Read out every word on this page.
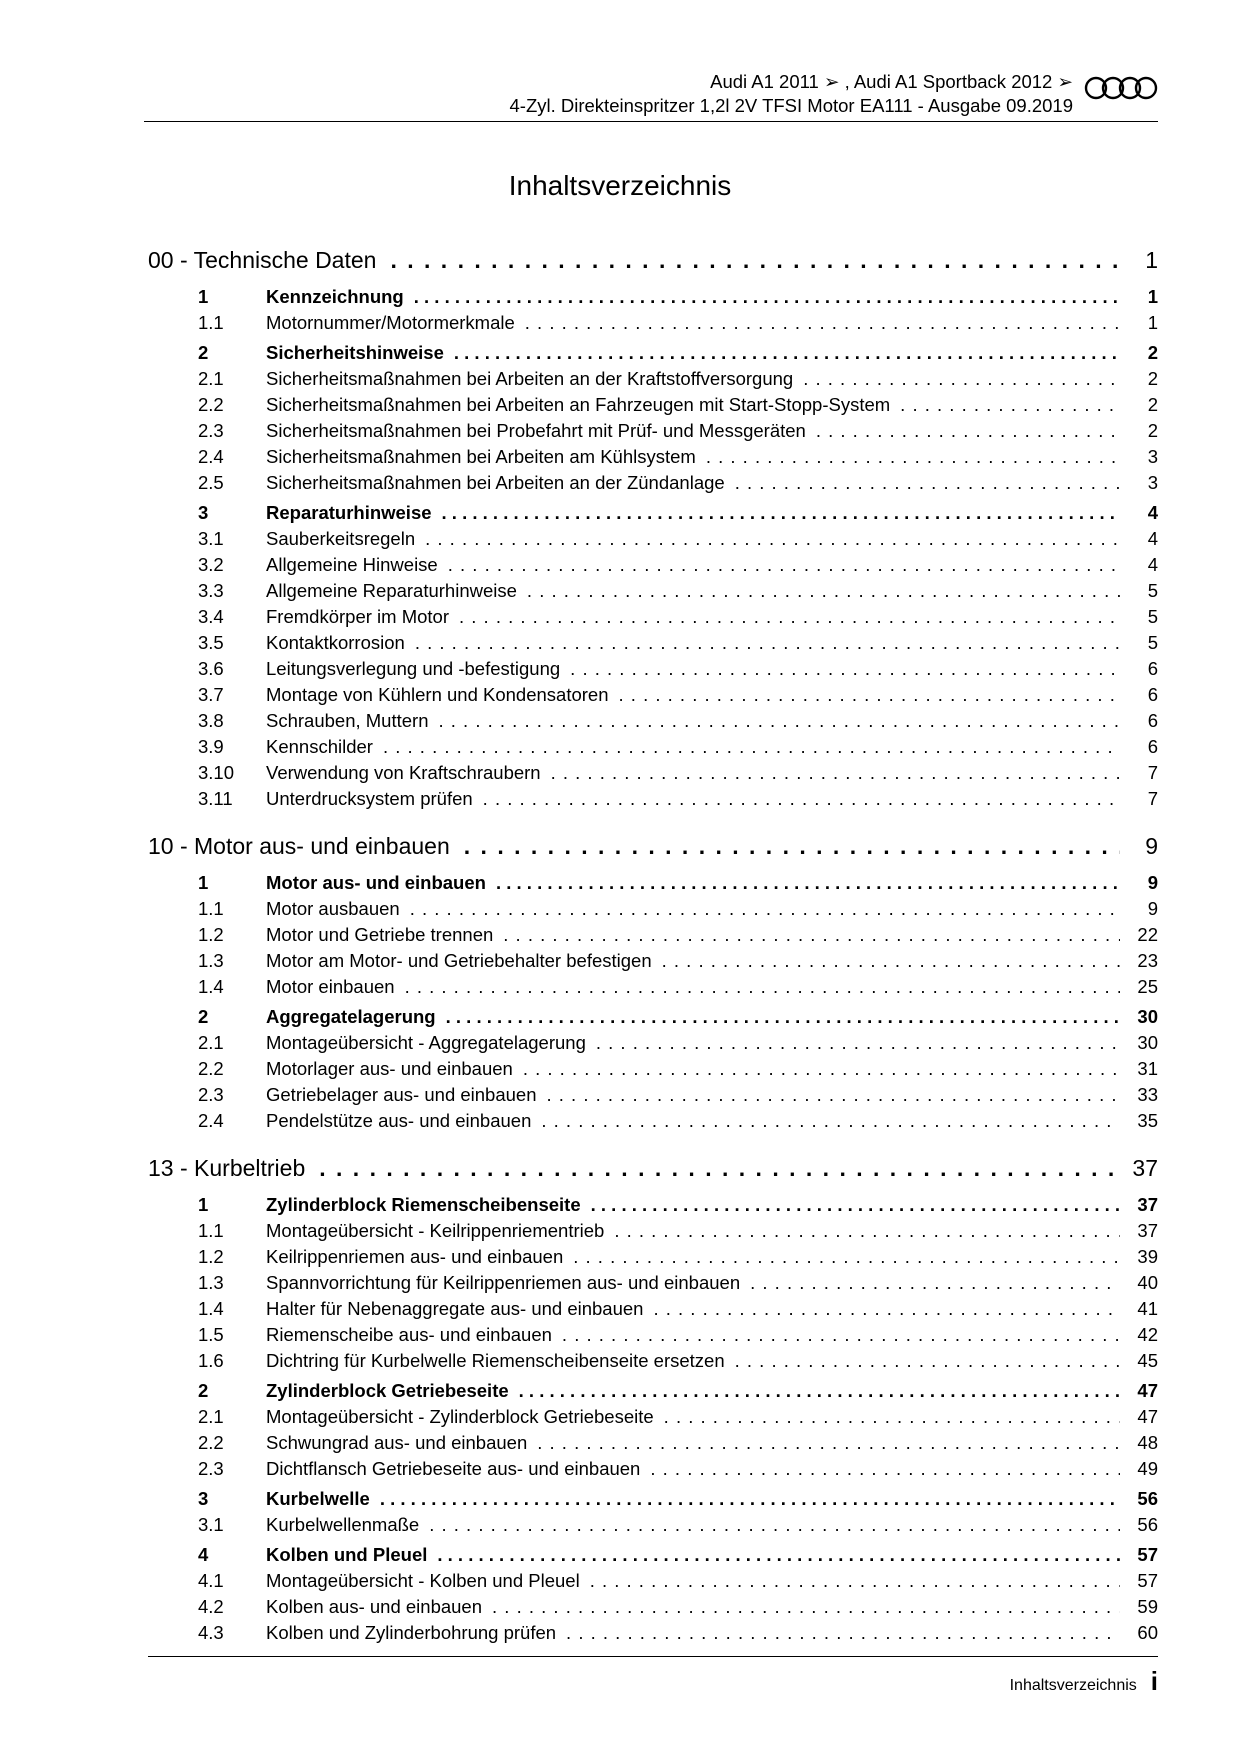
Audi A1 2011 ➢ , Audi A1 Sportback 2012 ➢
4-Zyl. Direkteinspritzer 1,2l 2V TFSI Motor EA111 - Ausgabe 09.2019
Inhaltsverzeichnis
00 - Technische Daten . . .	1
1	Kennzeichnung . . .	1
1.1	Motornummer/Motormerkmale . . .	1
2	Sicherheitshinweise . . .	2
2.1	Sicherheitsmaßnahmen bei Arbeiten an der Kraftstoffversorgung . . .	2
2.2	Sicherheitsmaßnahmen bei Arbeiten an Fahrzeugen mit Start-Stopp-System . . .	2
2.3	Sicherheitsmaßnahmen bei Probefahrt mit Prüf- und Messgeräten . . .	2
2.4	Sicherheitsmaßnahmen bei Arbeiten am Kühlsystem . . .	3
2.5	Sicherheitsmaßnahmen bei Arbeiten an der Zündanlage . . .	3
3	Reparaturhinweise . . .	4
3.1	Sauberkeitsregeln . . .	4
3.2	Allgemeine Hinweise . . .	4
3.3	Allgemeine Reparaturhinweise . . .	5
3.4	Fremdkörper im Motor . . .	5
3.5	Kontaktkorrosion . . .	5
3.6	Leitungsverlegung und -befestigung . . .	6
3.7	Montage von Kühlern und Kondensatoren . . .	6
3.8	Schrauben, Muttern . . .	6
3.9	Kennschilder . . .	6
3.10	Verwendung von Kraftschraubern . . .	7
3.11	Unterdrucksystem prüfen . . .	7
10 - Motor aus- und einbauen . . .	9
1	Motor aus- und einbauen . . .	9
1.1	Motor ausbauen . . .	9
1.2	Motor und Getriebe trennen . . .	22
1.3	Motor am Motor- und Getriebehalter befestigen . . .	23
1.4	Motor einbauen . . .	25
2	Aggregatelagerung . . .	30
2.1	Montageübersicht - Aggregatelagerung . . .	30
2.2	Motorlager aus- und einbauen . . .	31
2.3	Getriebelager aus- und einbauen . . .	33
2.4	Pendelstütze aus- und einbauen . . .	35
13 - Kurbeltrieb . . .	37
1	Zylinderblock Riemenscheibenseite . . .	37
1.1	Montageübersicht - Keilrippenriementrieb . . .	37
1.2	Keilrippenriemen aus- und einbauen . . .	39
1.3	Spannvorrichtung für Keilrippenriemen aus- und einbauen . . .	40
1.4	Halter für Nebenaggregate aus- und einbauen . . .	41
1.5	Riemenscheibe aus- und einbauen . . .	42
1.6	Dichtring für Kurbelwelle Riemenscheibenseite ersetzen . . .	45
2	Zylinderblock Getriebeseite . . .	47
2.1	Montageübersicht - Zylinderblock Getriebeseite . . .	47
2.2	Schwungrad aus- und einbauen . . .	48
2.3	Dichtflansch Getriebeseite aus- und einbauen . . .	49
3	Kurbelwelle . . .	56
3.1	Kurbelwellenmaße . . .	56
4	Kolben und Pleuel . . .	57
4.1	Montageübersicht - Kolben und Pleuel . . .	57
4.2	Kolben aus- und einbauen . . .	59
4.3	Kolben und Zylinderbohrung prüfen . . .	60
Inhaltsverzeichnis i
